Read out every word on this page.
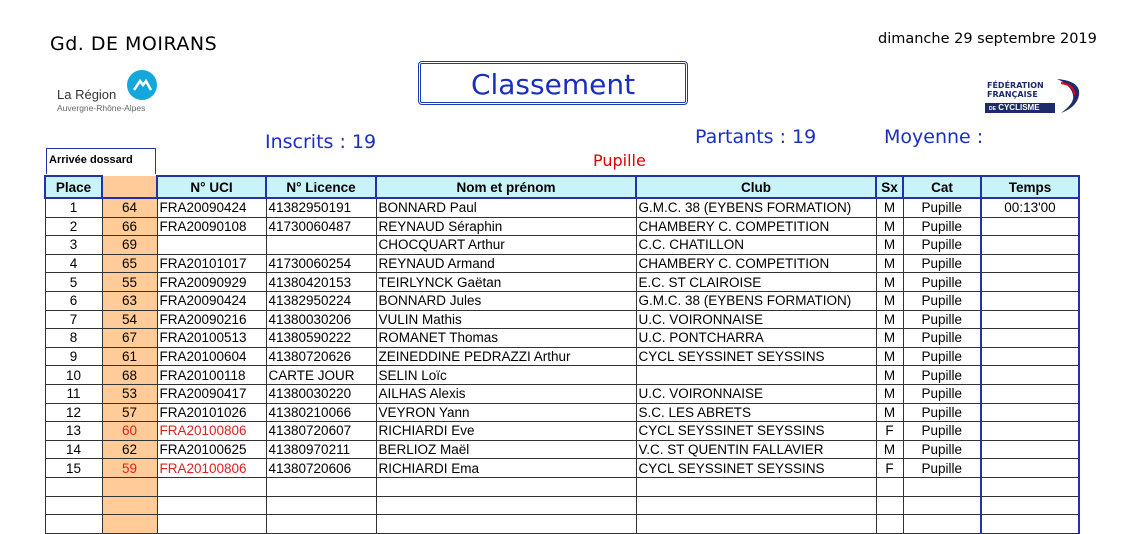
Gd. DE MOIRANS	dimanche 29 septembre 2019
La Région
Auvergne-Rhône-Alpes
Classement	FÉDÉRATION
FRANÇAISE
DE CYCLISME
Inscrits : 19	Partants : 19	Moyenne :
Pupille
Arrivée dossard
Place		N° UCI	N° Licence	Nom et prénom	Club	Sx	Cat	Temps
1	64	FRA20090424	41382950191	BONNARD Paul	G.M.C. 38 (EYBENS FORMATION)	M	Pupille	00:13'00
2	66	FRA20090108	41730060487	REYNAUD Séraphin	CHAMBERY C. COMPETITION	M	Pupille	
3	69			CHOCQUART Arthur	C.C. CHATILLON	M	Pupille	
4	65	FRA20101017	41730060254	REYNAUD Armand	CHAMBERY C. COMPETITION	M	Pupille	
5	55	FRA20090929	41380420153	TEIRLYNCK Gaëtan	E.C. ST CLAIROISE	M	Pupille	
6	63	FRA20090424	41382950224	BONNARD Jules	G.M.C. 38 (EYBENS FORMATION)	M	Pupille	
7	54	FRA20090216	41380030206	VULIN Mathis	U.C. VOIRONNAISE	M	Pupille	
8	67	FRA20100513	41380590222	ROMANET Thomas	U.C. PONTCHARRA	M	Pupille	
9	61	FRA20100604	41380720626	ZEINEDDINE PEDRAZZI Arthur	CYCL SEYSSINET SEYSSINS	M	Pupille	
10	68	FRA20100118	CARTE JOUR	SELIN Loïc		M	Pupille	
11	53	FRA20090417	41380030220	AILHAS Alexis	U.C. VOIRONNAISE	M	Pupille	
12	57	FRA20101026	41380210066	VEYRON Yann	S.C. LES ABRETS	M	Pupille	
13	60	FRA20100806	41380720607	RICHIARDI Eve	CYCL SEYSSINET SEYSSINS	F	Pupille	
14	62	FRA20100625	41380970211	BERLIOZ Maël	V.C. ST QUENTIN FALLAVIER	M	Pupille	
15	59	FRA20100806	41380720606	RICHIARDI Ema	CYCL SEYSSINET SEYSSINS	F	Pupille	
